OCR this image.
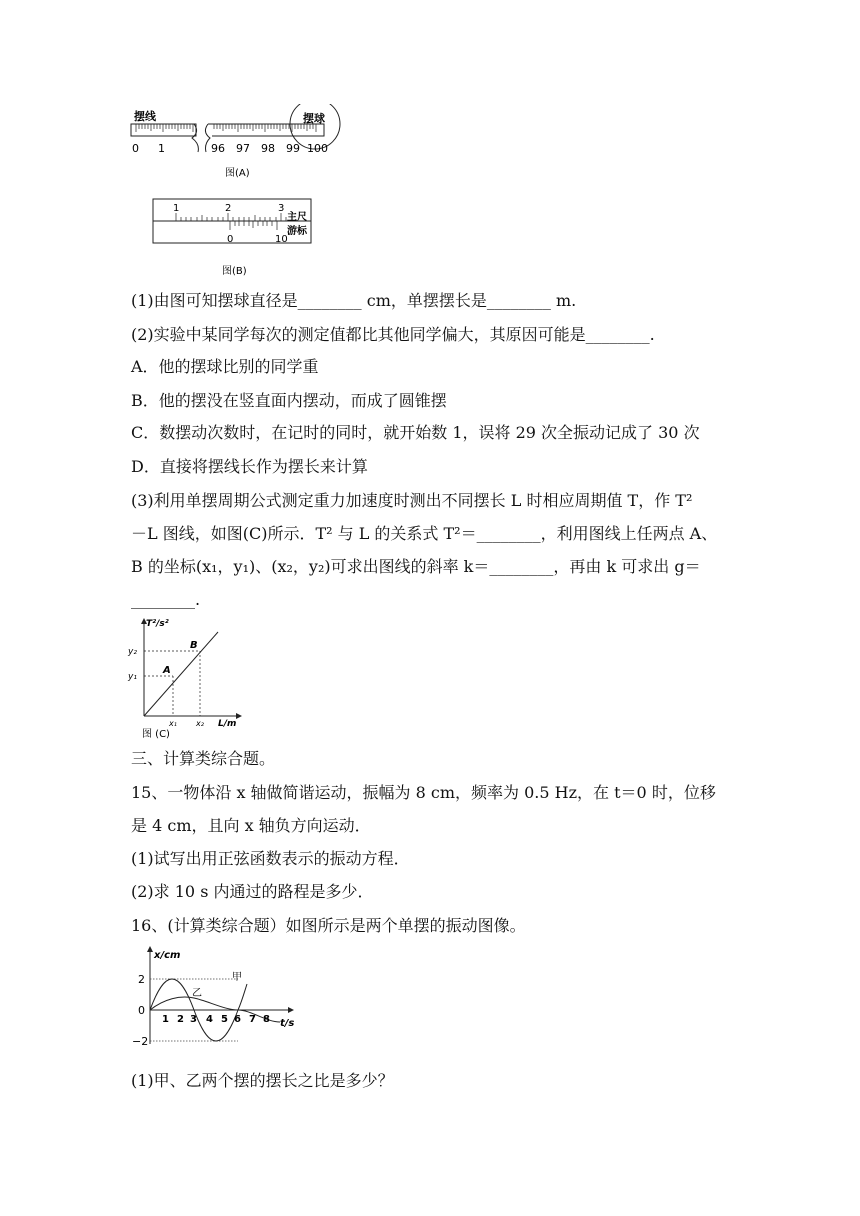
摆线	摆球
0 1	96 97 98 99 100
图(A)
1	2	3
主尺
游标
0	10
图(B)
(1)由图可知摆球直径是________ cm，单摆摆长是________ m.
(2)实验中某同学每次的测定值都比其他同学偏大，其原因可能是________.
A．他的摆球比别的同学重
B．他的摆没在竖直面内摆动，而成了圆锥摆
C．数摆动次数时，在记时的同时，就开始数 1，误将 29 次全振动记成了 30 次
D．直接将摆线长作为摆长来计算
(3)利用单摆周期公式测定重力加速度时测出不同摆长 L 时相应周期值 T，作 T²
－L 图线，如图(C)所示．T² 与 L 的关系式 T²＝________，利用图线上任两点 A、
B 的坐标(x₁，y₁)、(x₂，y₂)可求出图线的斜率 k＝________，再由 k 可求出 g＝
________.
T²/s²
L/m
y₂
y₁
x₁ x₂
A
B
图 (C)
三、计算类综合题。
15、一物体沿 x 轴做简谐运动，振幅为 8 cm，频率为 0.5 Hz，在 t＝0 时，位移
是 4 cm，且向 x 轴负方向运动．
(1)试写出用正弦函数表示的振动方程．
(2)求 10 s 内通过的路程是多少．
16、(计算类综合题）如图所示是两个单摆的振动图像。
x/cm
t/s
2
0
−2
1 2 3 4 5 6 7 8
甲
乙
(1)甲、乙两个摆的摆长之比是多少？
